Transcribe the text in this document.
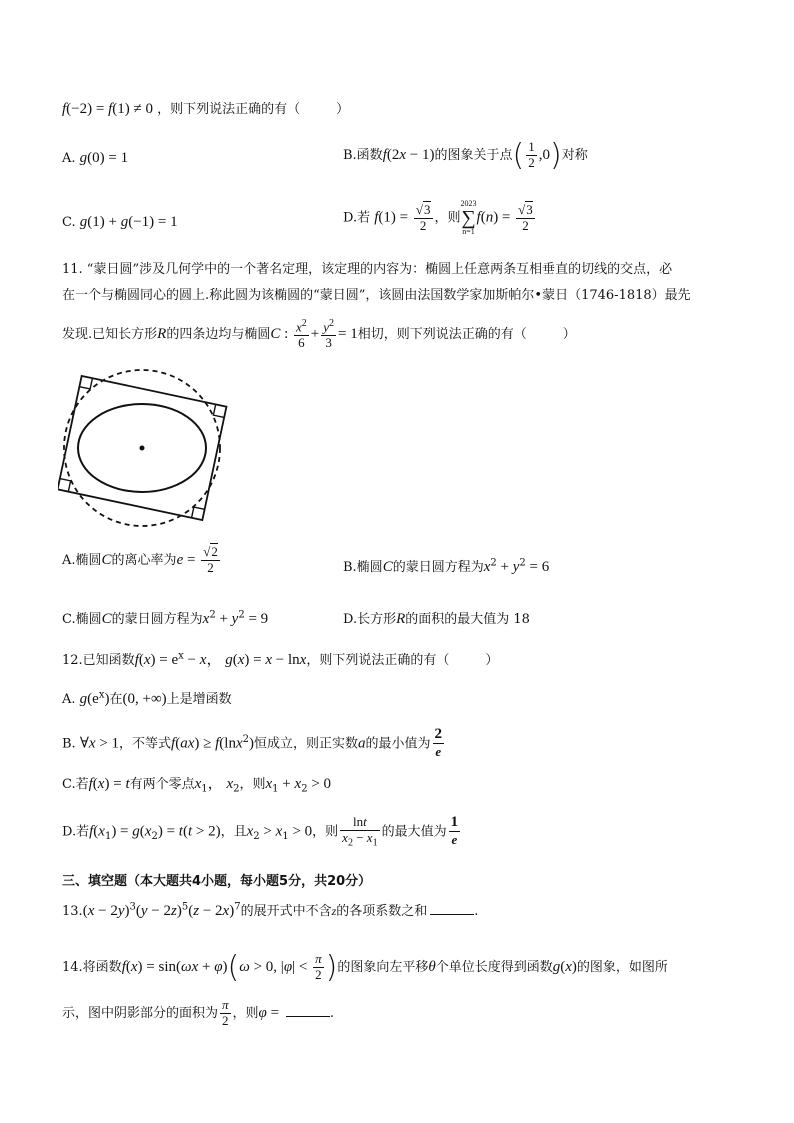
f(−2) = f(1) ≠ 0 ，则下列说法正确的有（	）
A. g(0) = 1	B.函数f(2x − 1)的图象关于点( $\frac{1}{2} ,0$)对称
C. g(1) + g(−1) = 1	D.若 $f(1) = \frac{√3}{2}$ ，则
2023
∑
n=1
$f(n) = \frac{√3}{2}$
11. “蒙日圆”涉及几何学中的一个著名定理，该定理的内容为：椭圆上任意两条互相垂直的切线的交点，必
在一个与椭圆同心的圆上.称此圆为该椭圆的“蒙日圆”，该圆由法国数学家加斯帕尔•蒙日（1746-1818）最先
发现.已知长方形R的四条边均与椭圆C : $\frac{x^2}{6} + \frac{y^2}{3} = 1$相切，则下列说法正确的有（	）
A.椭圆C的离心率为$e = \frac{√2}{2}$	B.椭圆C的蒙日圆方程为$x^2 + y^2 = 6$
C.椭圆C的蒙日圆方程为$x^2 + y^2 = 9$	D.长方形R的面积的最大值为 18
12.已知函数$f(x) = e^x - x$， g(x) = x − lnx，则下列说法正确的有（	）
A. $g(e^x)$在(0, +∞)上是增函数
B. ∀x > 1，不等式f(ax) ≥ f(lnx$^2$)恒成立，则正实数a的最小值为 $\frac{2}{e}$
C.若f(x) = t有两个零点$x_1$， $x_2$，则$x_1 + x_2 > 0$
D.若$f(x_1) = g(x_2) = t(t > 2)$，且$x_2 > x_1 > 0$，则 $\frac{\ln t}{x_2 - x_1}$ 的最大值为 $\frac{1}{e}$
三、填空题（本大题共4小题，每小题5分，共20分）
$13.(x - 2y)^3(y - 2z)^5(z - 2x)^7$的展开式中不含z的各项系数之和	.
14.将函数f(x) = sin(ωx + φ)(ω > 0, $|\varphi| < \frac{\pi}{2}$ )的图象向左平移θ个单位长度得到函数g(x)的图象，如图所
示，图中阴影部分的面积为 $\frac{\pi}{2}$ ，则φ =	.
